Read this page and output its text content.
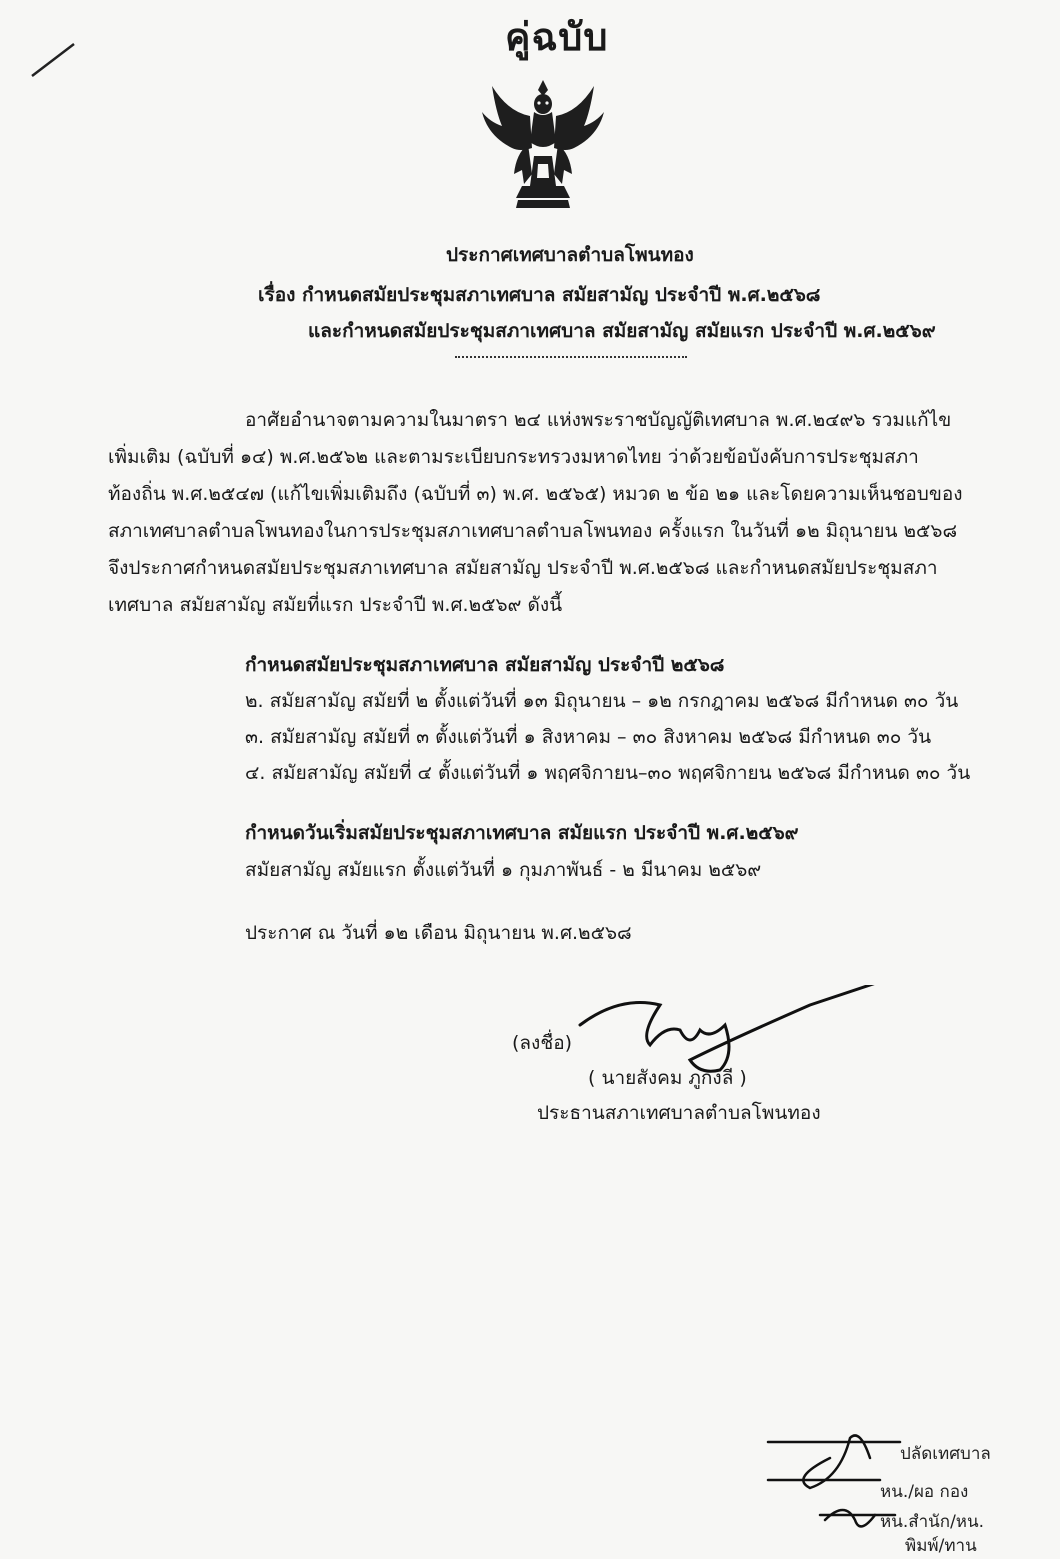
คู่ฉบับ
ประกาศเทศบาลตำบลโพนทอง
เรื่อง กำหนดสมัยประชุมสภาเทศบาล สมัยสามัญ ประจำปี พ.ศ.๒๕๖๘
และกำหนดสมัยประชุมสภาเทศบาล สมัยสามัญ สมัยแรก ประจำปี พ.ศ.๒๕๖๙
อาศัยอำนาจตามความในมาตรา ๒๔ แห่งพระราชบัญญัติเทศบาล พ.ศ.๒๔๙๖ รวมแก้ไข
เพิ่มเติม (ฉบับที่ ๑๔) พ.ศ.๒๕๖๒ และตามระเบียบกระทรวงมหาดไทย ว่าด้วยข้อบังคับการประชุมสภา
ท้องถิ่น พ.ศ.๒๕๔๗ (แก้ไขเพิ่มเติมถึง (ฉบับที่ ๓) พ.ศ. ๒๕๖๕) หมวด ๒ ข้อ ๒๑ และโดยความเห็นชอบของ
สภาเทศบาลตำบลโพนทองในการประชุมสภาเทศบาลตำบลโพนทอง ครั้งแรก ในวันที่ ๑๒ มิถุนายน ๒๕๖๘
จึงประกาศกำหนดสมัยประชุมสภาเทศบาล สมัยสามัญ ประจำปี พ.ศ.๒๕๖๘ และกำหนดสมัยประชุมสภา
เทศบาล สมัยสามัญ สมัยที่แรก ประจำปี พ.ศ.๒๕๖๙ ดังนี้
กำหนดสมัยประชุมสภาเทศบาล สมัยสามัญ ประจำปี ๒๕๖๘
๒. สมัยสามัญ สมัยที่ ๒ ตั้งแต่วันที่ ๑๓ มิถุนายน – ๑๒ กรกฎาคม ๒๕๖๘ มีกำหนด ๓๐ วัน
๓. สมัยสามัญ สมัยที่ ๓ ตั้งแต่วันที่ ๑ สิงหาคม – ๓๐ สิงหาคม ๒๕๖๘ มีกำหนด ๓๐ วัน
๔. สมัยสามัญ สมัยที่ ๔ ตั้งแต่วันที่ ๑ พฤศจิกายน–๓๐ พฤศจิกายน ๒๕๖๘ มีกำหนด ๓๐ วัน
กำหนดวันเริ่มสมัยประชุมสภาเทศบาล สมัยแรก ประจำปี พ.ศ.๒๕๖๙
สมัยสามัญ สมัยแรก ตั้งแต่วันที่ ๑ กุมภาพันธ์ - ๒ มีนาคม ๒๕๖๙
ประกาศ ณ วันที่ ๑๒ เดือน มิถุนายน พ.ศ.๒๕๖๘
(ลงชื่อ)
( นายสังคม ภูกงลี )
ประธานสภาเทศบาลตำบลโพนทอง
ปลัดเทศบาล
หน./ผอ กอง
หน.สำนัก/หน.
พิมพ์/ทาน
